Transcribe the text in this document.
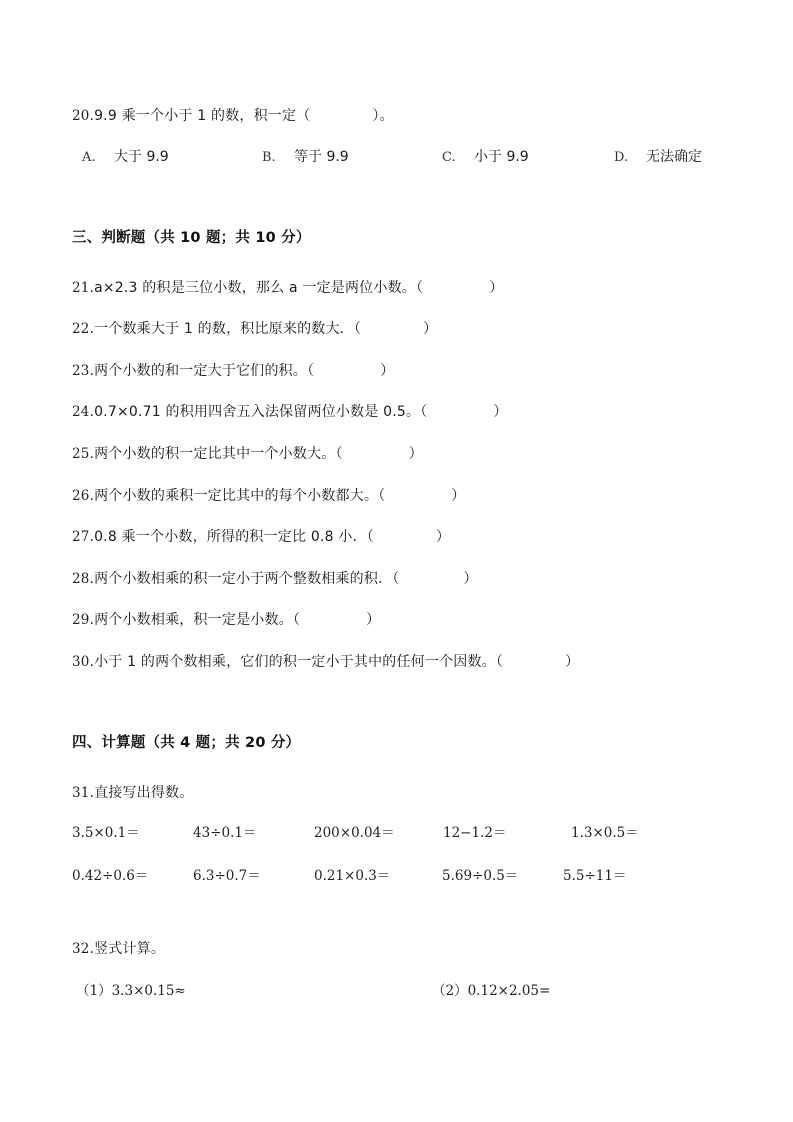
20.9.9 乘一个小于 1 的数，积一定（	）。
A. 大于 9.9	B. 等于 9.9	C. 小于 9.9	D. 无法确定
三、判断题（共 10 题；共 10 分）
21.a×2.3 的积是三位小数，那么 a 一定是两位小数。（	）
22.一个数乘大于 1 的数，积比原来的数大．（	）
23.两个小数的和一定大于它们的积。（	）
24.0.7×0.71 的积用四舍五入法保留两位小数是 0.5。（	）
25.两个小数的积一定比其中一个小数大。（	）
26.两个小数的乘积一定比其中的每个小数都大。（	）
27.0.8 乘一个小数，所得的积一定比 0.8 小．（	）
28.两个小数相乘的积一定小于两个整数相乘的积．（	）
29.两个小数相乘，积一定是小数。（	）
30.小于 1 的两个数相乘，它们的积一定小于其中的任何一个因数。（	）
四、计算题（共 4 题；共 20 分）
31.直接写出得数。
3.5×0.1＝	43÷0.1＝	200×0.04＝	12−1.2＝	1.3×0.5＝
0.42÷0.6＝	6.3÷0.7＝	0.21×0.3＝	5.69÷0.5＝	5.5÷11＝
32.竖式计算。
（1）3.3×0.15≈	（2）0.12×2.05=
